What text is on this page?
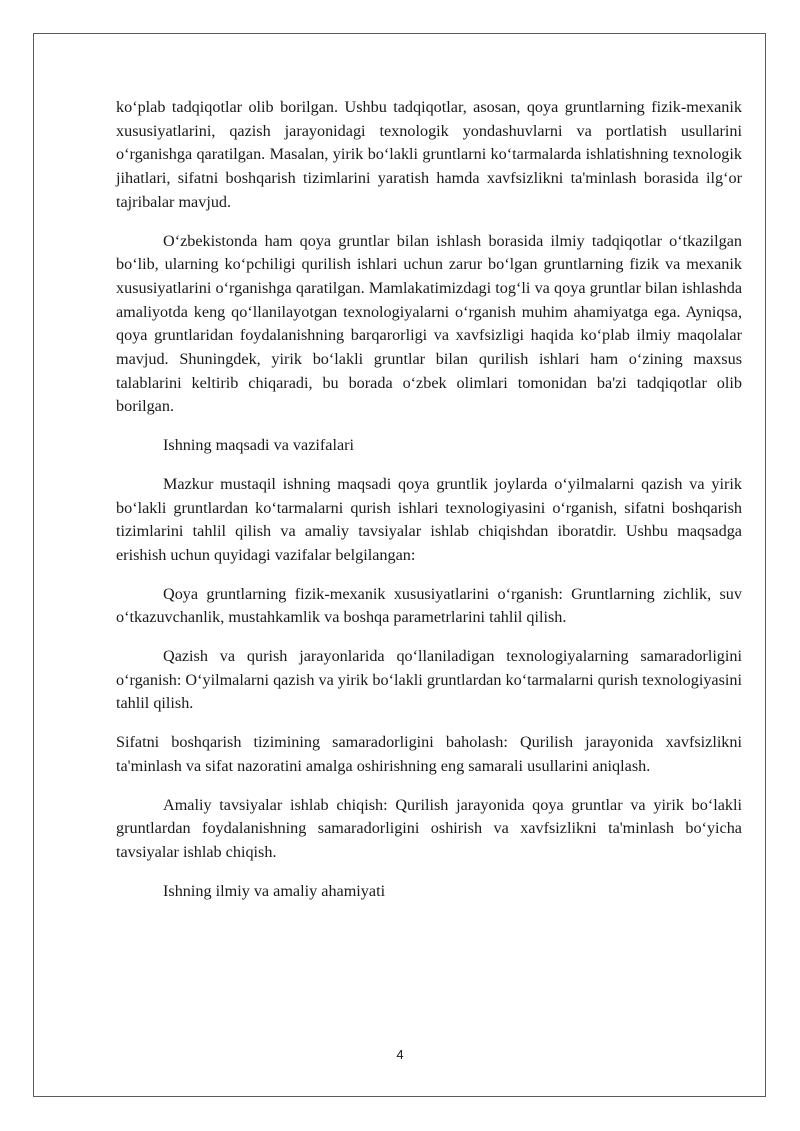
ko‘plab tadqiqotlar olib borilgan. Ushbu tadqiqotlar, asosan, qoya gruntlarning fizik-mexanik xususiyatlarini, qazish jarayonidagi texnologik yondashuvlarni va portlatish usullarini o‘rganishga qaratilgan. Masalan, yirik bo‘lakli gruntlarni ko‘tarmalarda ishlatishning texnologik jihatlari, sifatni boshqarish tizimlarini yaratish hamda xavfsizlikni ta'minlash borasida ilg‘or tajribalar mavjud.

O‘zbekistonda ham qoya gruntlar bilan ishlash borasida ilmiy tadqiqotlar o‘tkazilgan bo‘lib, ularning ko‘pchiligi qurilish ishlari uchun zarur bo‘lgan gruntlarning fizik va mexanik xususiyatlarini o‘rganishga qaratilgan. Mamlakatimizdagi tog‘li va qoya gruntlar bilan ishlashda amaliyotda keng qo‘llanilayotgan texnologiyalarni o‘rganish muhim ahamiyatga ega. Ayniqsa, qoya gruntlaridan foydalanishning barqarorligi va xavfsizligi haqida ko‘plab ilmiy maqolalar mavjud. Shuningdek, yirik bo‘lakli gruntlar bilan qurilish ishlari ham o‘zining maxsus talablarini keltirib chiqaradi, bu borada o‘zbek olimlari tomonidan ba'zi tadqiqotlar olib borilgan.

Ishning maqsadi va vazifalari

Mazkur mustaqil ishning maqsadi qoya gruntlik joylarda o‘yilmalarni qazish va yirik bo‘lakli gruntlardan ko‘tarmalarni qurish ishlari texnologiyasini o‘rganish, sifatni boshqarish tizimlarini tahlil qilish va amaliy tavsiyalar ishlab chiqishdan iboratdir. Ushbu maqsadga erishish uchun quyidagi vazifalar belgilangan:

Qoya gruntlarning fizik-mexanik xususiyatlarini o‘rganish: Gruntlarning zichlik, suv o‘tkazuvchanlik, mustahkamlik va boshqa parametrlarini tahlil qilish.

Qazish va qurish jarayonlarida qo‘llaniladigan texnologiyalarning samaradorligini o‘rganish: O‘yilmalarni qazish va yirik bo‘lakli gruntlardan ko‘tarmalarni qurish texnologiyasini tahlil qilish.

Sifatni boshqarish tizimining samaradorligini baholash: Qurilish jarayonida xavfsizlikni ta'minlash va sifat nazoratini amalga oshirishning eng samarali usullarini aniqlash.

Amaliy tavsiyalar ishlab chiqish: Qurilish jarayonida qoya gruntlar va yirik bo‘lakli gruntlardan foydalanishning samaradorligini oshirish va xavfsizlikni ta'minlash bo‘yicha tavsiyalar ishlab chiqish.

Ishning ilmiy va amaliy ahamiyati

4
